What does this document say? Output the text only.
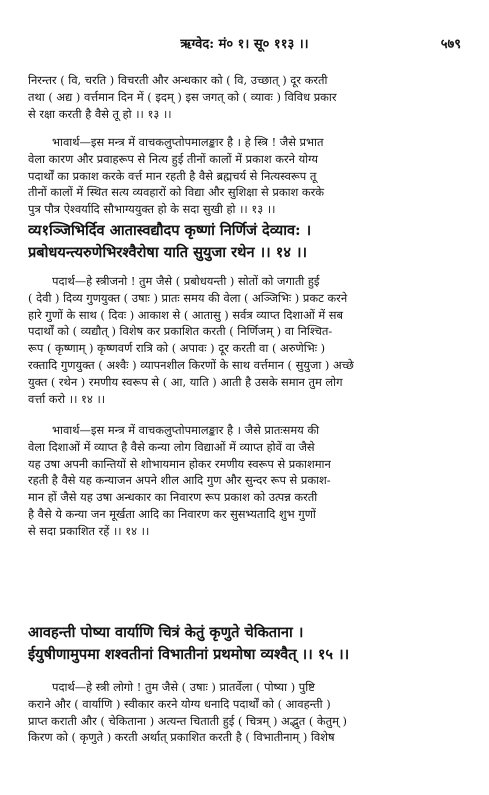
ऋग्वेद: मं० १। सू० ११३ ।।	५७९
निरन्तर ( वि, चरति ) विचरती और अन्धकार को ( वि, उच्छात् ) दूर करती
तथा ( अद्य ) वर्त्तमान दिन में ( इदम् ) इस जगत् को ( व्यावः ) विविध प्रकार
से रक्षा करती है वैसे तू हो ।। १३ ।।
भावार्थ—इस मन्त्र में वाचकलुप्तोपमालङ्कार है । हे स्त्रि ! जैसे प्रभात
वेला कारण और प्रवाहरूप से नित्य हुई तीनों कालों में प्रकाश करने योग्य
पदार्थों का प्रकाश करके वर्त्त मान रहती है वैसे ब्रह्मचर्य से नित्यस्वरूप तू
तीनों कालों में स्थित सत्य व्यवहारों को विद्या और सुशिक्षा से प्रकाश करके
पुत्र पौत्र ऐश्वर्यादि सौभाग्ययुक्त हो के सदा सुखी हो ।। १३ ।।
व्य१ञ्जिभिर्दिव आतास्वद्यौदप कृष्णां निर्णिजं देव्याव: ।
प्रबोधयन्त्यरुणेभिरश्वैरोषा याति सुयुजा रथेन ।। १४ ।।
पदार्थ—हे स्त्रीजनो ! तुम जैसे ( प्रबोधयन्ती ) सोतों को जगाती हुई
( देवी ) दिव्य गुणयुक्त ( उषाः ) प्रातः समय की वेला ( अञ्जिभिः ) प्रकट करने
हारे गुणों के साथ ( दिवः ) आकाश से ( आतासु ) सर्वत्र व्याप्त दिशाओं में सब
पदार्थों को ( व्यद्यौत् ) विशेष कर प्रकाशित करती ( निर्णिजम् ) वा निश्चित-
रूप ( कृष्णाम् ) कृष्णवर्ण रात्रि को ( अपावः ) दूर करती वा ( अरुणेभिः )
रक्तादि गुणयुक्त ( अश्वैः ) व्यापनशील किरणों के साथ वर्त्तमान ( सुयुजा ) अच्छे
युक्त ( रथेन ) रमणीय स्वरूप से ( आ, याति ) आती है उसके समान तुम लोग
वर्त्ता करो ।। १४ ।।
भावार्थ—इस मन्त्र में वाचकलुप्तोपमालङ्कार है । जैसे प्रातःसमय की
वेला दिशाओं में व्याप्त है वैसे कन्या लोग विद्याओं में व्याप्त होवें वा जैसे
यह उषा अपनी कान्तियों से शोभायमान होकर रमणीय स्वरूप से प्रकाशमान
रहती है वैसे यह कन्याजन अपने शील आदि गुण और सुन्दर रूप से प्रकाश-
मान हों जैसे यह उषा अन्धकार का निवारण रूप प्रकाश को उत्पन्न करती
है वैसे ये कन्या जन मूर्खता आदि का निवारण कर सुसभ्यतादि शुभ गुणों
से सदा प्रकाशित रहें ।। १४ ।।
आवहन्ती पोष्या वार्याणि चित्रं केतुं कृणुते चेकिताना ।
ईयुषीणामुपमा शश्वतीनां विभातीनां प्रथमोषा व्यश्वैत् ।। १५ ।।
पदार्थ—हे स्त्री लोगो ! तुम जैसे ( उषाः ) प्रातर्वेला ( पोष्या ) पुष्टि
कराने और ( वार्याणि ) स्वीकार करने योग्य धनादि पदार्थों को ( आवहन्ती )
प्राप्त कराती और ( चेकिताना ) अत्यन्त चिताती हुई ( चित्रम् ) अद्भुत ( केतुम् )
किरण को ( कृणुते ) करती अर्थात् प्रकाशित करती है ( विभातीनाम् ) विशेष
